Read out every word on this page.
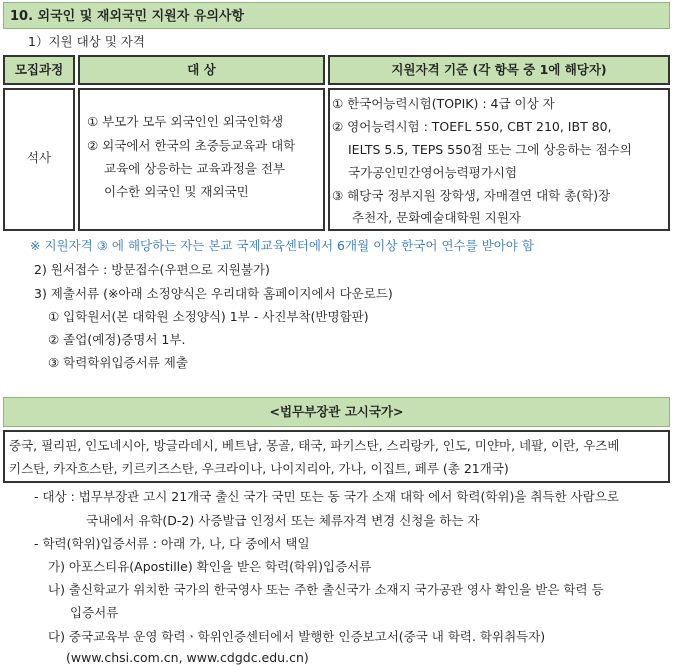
10. 외국인 및 재외국민 지원자 유의사항
1）지원 대상 및 자격
모집과정	대 상	지원자격 기준 (각 항목 중 1에 해당자)
석사
① 부모가 모두 외국인인 외국인학생
② 외국에서 한국의 초중등교육과 대학
교육에 상응하는 교육과정을 전부
이수한 외국인 및 재외국민
① 한국어능력시험(TOPIK) : 4급 이상 자
② 영어능력시험 : TOEFL 550, CBT 210, IBT 80,
IELTS 5.5, TEPS 550점 또는 그에 상응하는 점수의
국가공인민간영어능력평가시험
③ 해당국 정부지원 장학생, 자매결연 대학 총(학)장
추천자, 문화예술대학원 지원자
※ 지원자격 ③ 에 해당하는 자는 본교 국제교육센터에서 6개월 이상 한국어 연수를 받아야 함
2) 원서접수 : 방문접수(우편으로 지원불가)
3) 제출서류 (※아래 소정양식은 우리대학 홈페이지에서 다운로드)
① 입학원서(본 대학원 소정양식) 1부 - 사진부착(반명함판)
② 졸업(예정)증명서 1부.
③ 학력학위입증서류 제출
<법무부장관 고시국가>
중국, 필리핀, 인도네시아, 방글라데시, 베트남, 몽골, 태국, 파키스탄, 스리랑카, 인도, 미얀마, 네팔, 이란, 우즈베
키스탄, 카자흐스탄, 키르키즈스탄, 우크라이나, 나이지리아, 가나, 이집트, 페루 (총 21개국)
- 대상 : 법무부장관 고시 21개국 출신 국가 국민 또는 동 국가 소재 대학 에서 학력(학위)을 취득한 사람으로
국내에서 유학(D-2) 사증발급 인정서 또는 체류자격 변경 신청을 하는 자
- 학력(학위)입증서류 : 아래 가, 나, 다 중에서 택일
가) 아포스티유(Apostille) 확인을 받은 학력(학위)입증서류
나) 출신학교가 위치한 국가의 한국영사 또는 주한 출신국가 소재지 국가공관 영사 확인을 받은 학력 등
입증서류
다) 중국교육부 운영 학력ㆍ학위인증센터에서 발행한 인증보고서(중국 내 학력. 학위취득자)
(www.chsi.com.cn, www.cdgdc.edu.cn)
